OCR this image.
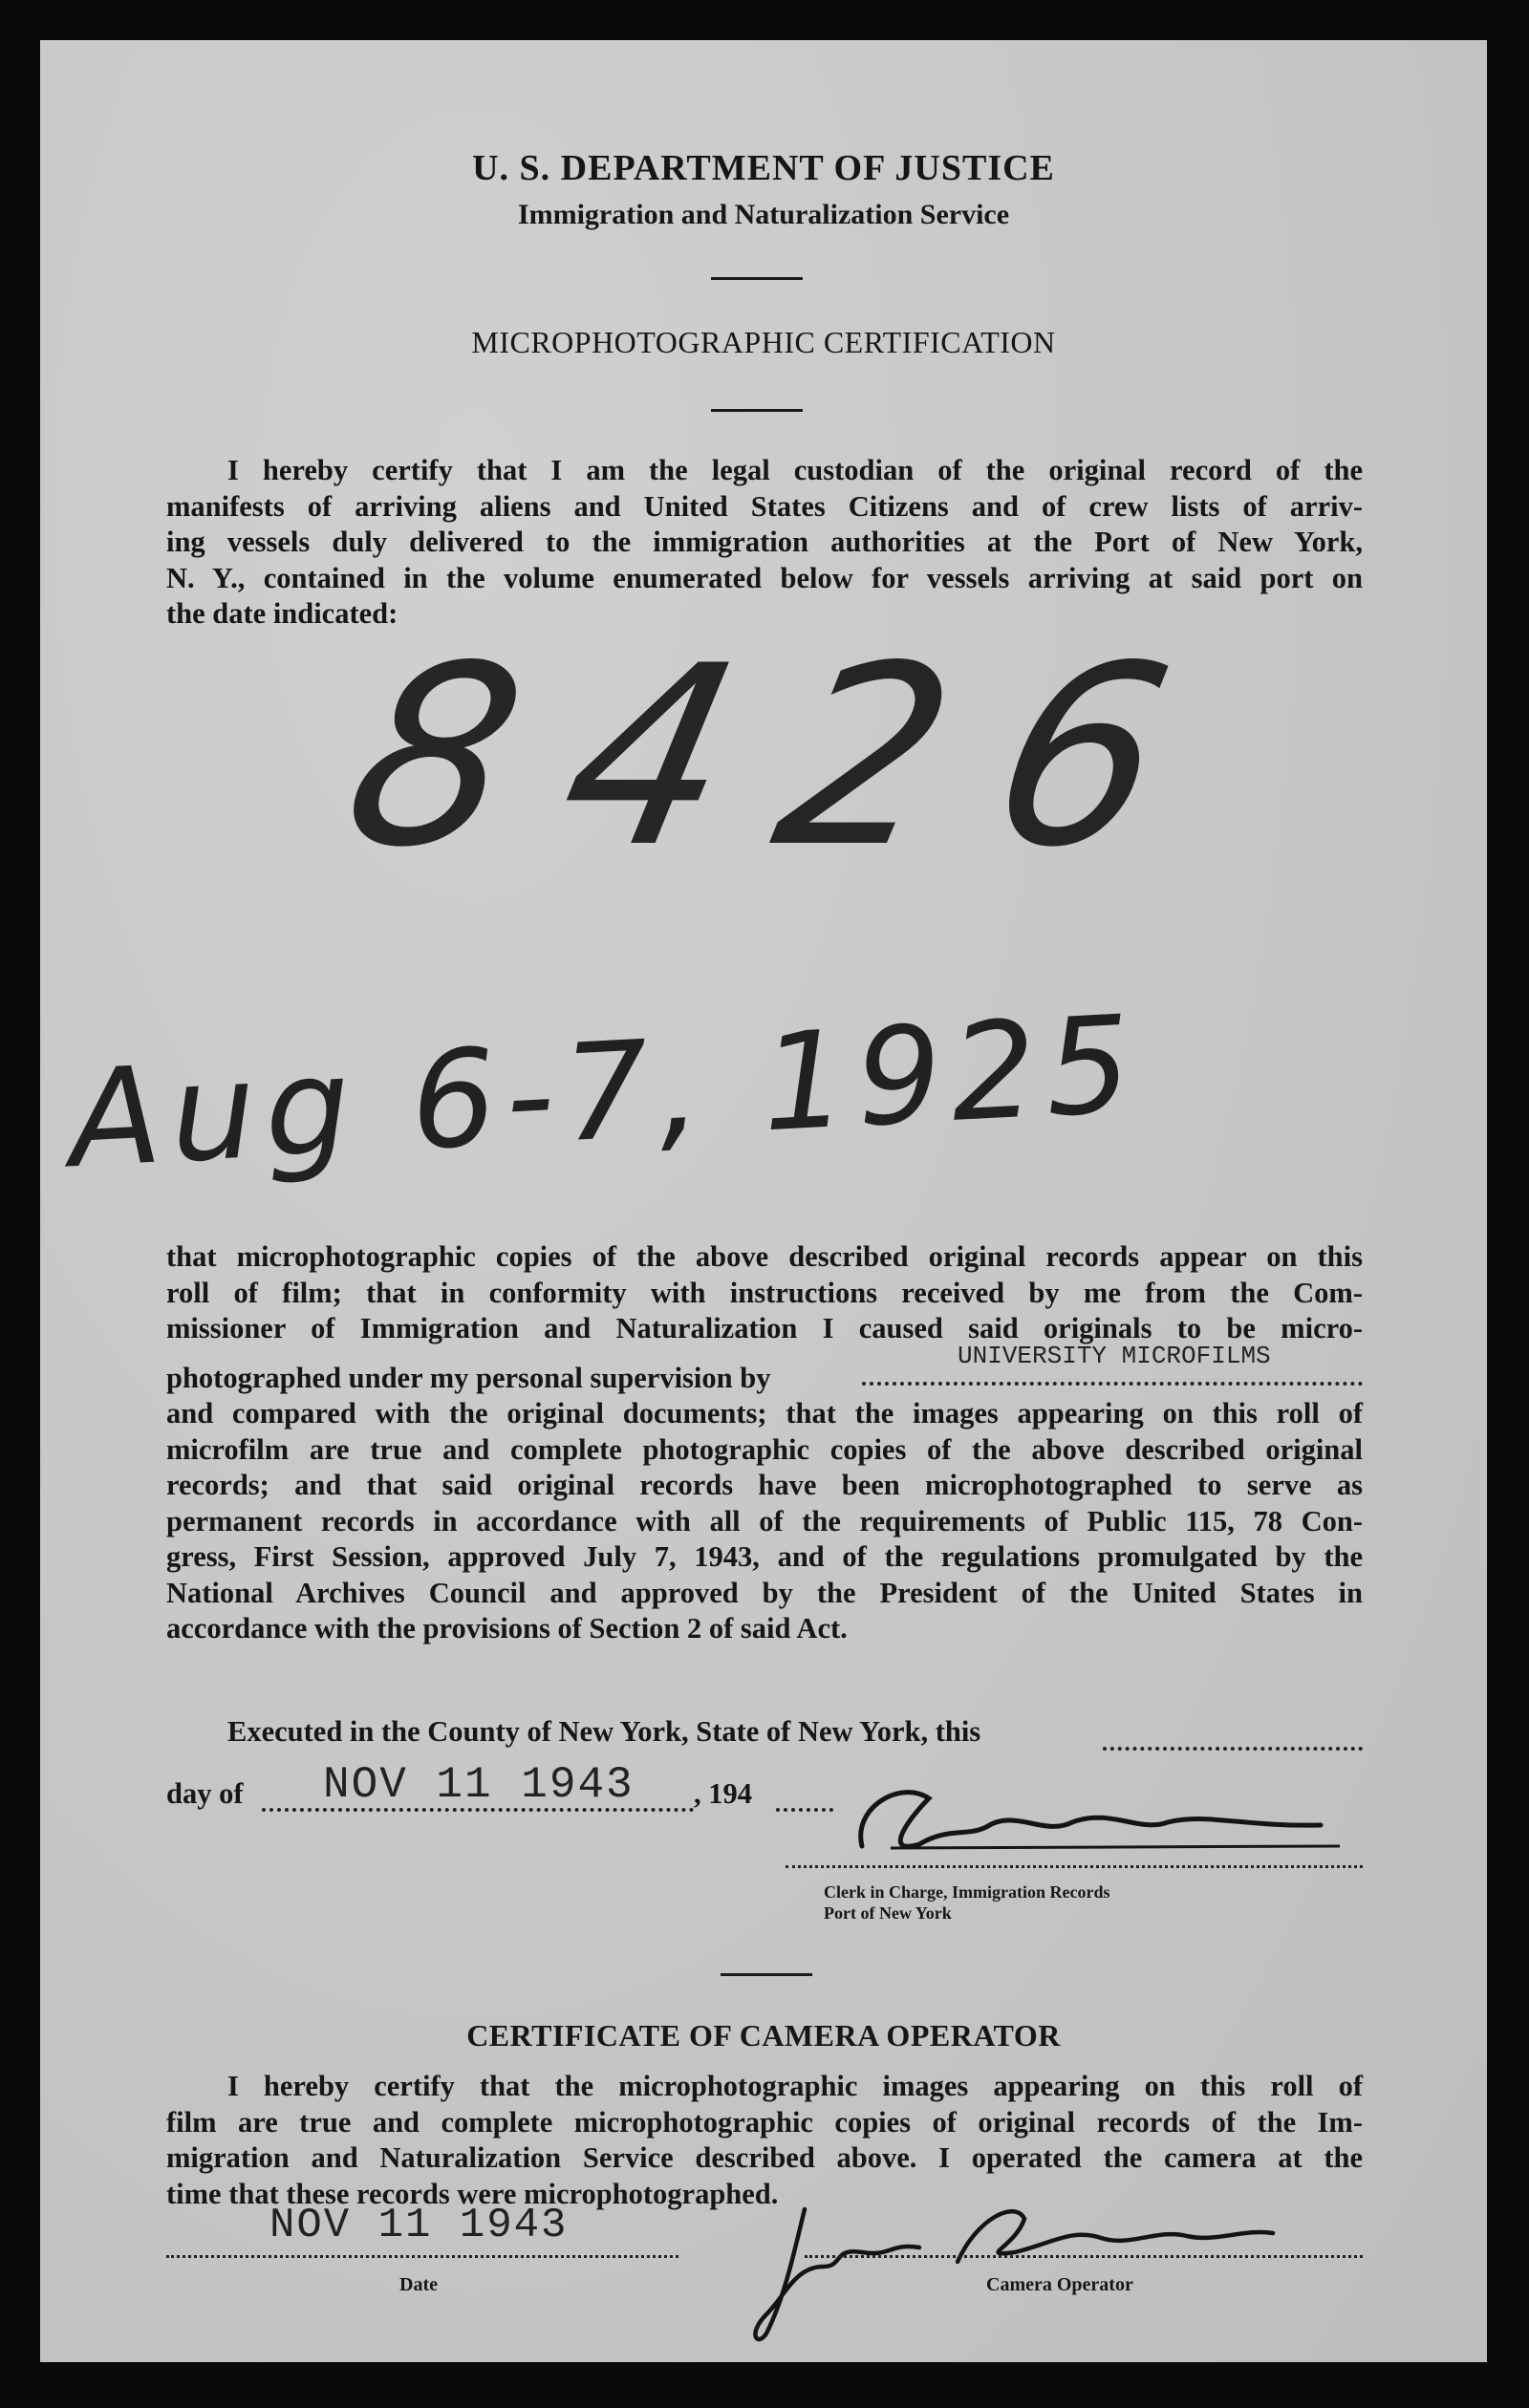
U. S. DEPARTMENT OF JUSTICE
Immigration and Naturalization Service
MICROPHOTOGRAPHIC CERTIFICATION
I hereby certify that I am the legal custodian of the original record of the
manifests of arriving aliens and United States Citizens and of crew lists of arriv-
ing vessels duly delivered to the immigration authorities at the Port of New York,
N. Y., contained in the volume enumerated below for vessels arriving at said port on
the date indicated:
8426
Aug 6-7, 1925
that microphotographic copies of the above described original records appear on this
roll of film; that in conformity with instructions received by me from the Com-
missioner of Immigration and Naturalization I caused said originals to be micro-
photographed under my personal supervision by
and compared with the original documents; that the images appearing on this roll of
microfilm are true and complete photographic copies of the above described original
records; and that said original records have been microphotographed to serve as
permanent records in accordance with all of the requirements of Public 115, 78 Con-
gress, First Session, approved July 7, 1943, and of the regulations promulgated by the
National Archives Council and approved by the President of the United States in
accordance with the provisions of Section 2 of said Act.
UNIVERSITY MICROFILMS
Executed in the County of New York, State of New York, this
day of NOV 11 1943 , 194
Clerk in Charge, Immigration Records
Port of New York
CERTIFICATE OF CAMERA OPERATOR
I hereby certify that the microphotographic images appearing on this roll of
film are true and complete microphotographic copies of original records of the Im-
migration and Naturalization Service described above. I operated the camera at the
time that these records were microphotographed.
NOV 11 1943
Date	Camera Operator
